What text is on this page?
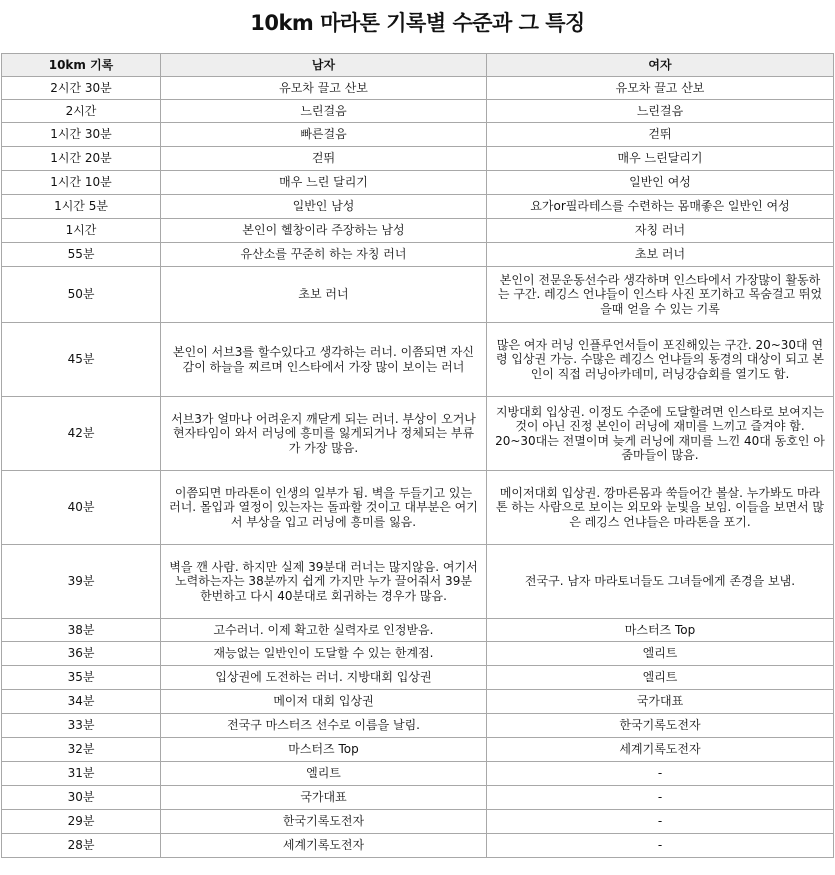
10km 마라톤 기록별 수준과 그 특징
10km 기록	남자	여자
2시간 30분	유모차 끌고 산보	유모차 끌고 산보
2시간	느린걸음	느린걸음
1시간 30분	빠른걸음	걷뛰
1시간 20분	걷뛰	매우 느린달리기
1시간 10분	매우 느린 달리기	일반인 여성
1시간 5분	일반인 남성	요가or필라테스를 수련하는 몸매좋은 일반인 여성
1시간	본인이 헬창이라 주장하는 남성	자칭 러너
55분	유산소를 꾸준히 하는 자칭 러너	초보 러너
50분	초보 러너	본인이 전문운동선수라 생각하며 인스타에서 가장많이 활동하는 구간. 레깅스 언냐들이 인스타 사진 포기하고 목숨걸고 뛰었을때 얻을 수 있는 기록
45분	본인이 서브3를 할수있다고 생각하는 러너. 이쯤되면 자신감이 하늘을 찌르며 인스타에서 가장 많이 보이는 러너	많은 여자 러닝 인플루언서들이 포진해있는 구간. 20~30대 연령 입상권 가능. 수많은 레깅스 언냐들의 동경의 대상이 되고 본인이 직접 러닝아카데미, 러닝강습회를 열기도 함.
42분	서브3가 얼마나 어려운지 깨닫게 되는 러너. 부상이 오거나 현자타임이 와서 러닝에 흥미를 잃게되거나 정체되는 부류가 가장 많음.	지방대회 입상권. 이정도 수준에 도달할려면 인스타로 보여지는것이 아닌 진정 본인이 러닝에 재미를 느끼고 즐겨야 함. 20~30대는 전멸이며 늦게 러닝에 재미를 느낀 40대 동호인 아줌마들이 많음.
40분	이쯤되면 마라톤이 인생의 일부가 됨. 벽을 두들기고 있는 러너. 몰입과 열정이 있는자는 돌파할 것이고 대부분은 여기서 부상을 입고 러닝에 흥미를 잃음.	메이저대회 입상권. 깡마른몸과 쑥들어간 볼살. 누가봐도 마라톤 하는 사람으로 보이는 외모와 눈빛을 보임. 이들을 보면서 많은 레깅스 언냐들은 마라톤을 포기.
39분	벽을 깬 사람. 하지만 실제 39분대 러너는 많지않음. 여기서 노력하는자는 38분까지 쉽게 가지만 누가 끌어줘서 39분 한번하고 다시 40분대로 회귀하는 경우가 많음.	전국구. 남자 마라토너들도 그녀들에게 존경을 보냄.
38분	고수러너. 이제 확고한 실력자로 인정받음.	마스터즈 Top
36분	재능없는 일반인이 도달할 수 있는 한계점.	엘리트
35분	입상권에 도전하는 러너. 지방대회 입상권	엘리트
34분	메이저 대회 입상권	국가대표
33분	전국구 마스터즈 선수로 이름을 날림.	한국기록도전자
32분	마스터즈 Top	세계기록도전자
31분	엘리트	-
30분	국가대표	-
29분	한국기록도전자	-
28분	세계기록도전자	-
